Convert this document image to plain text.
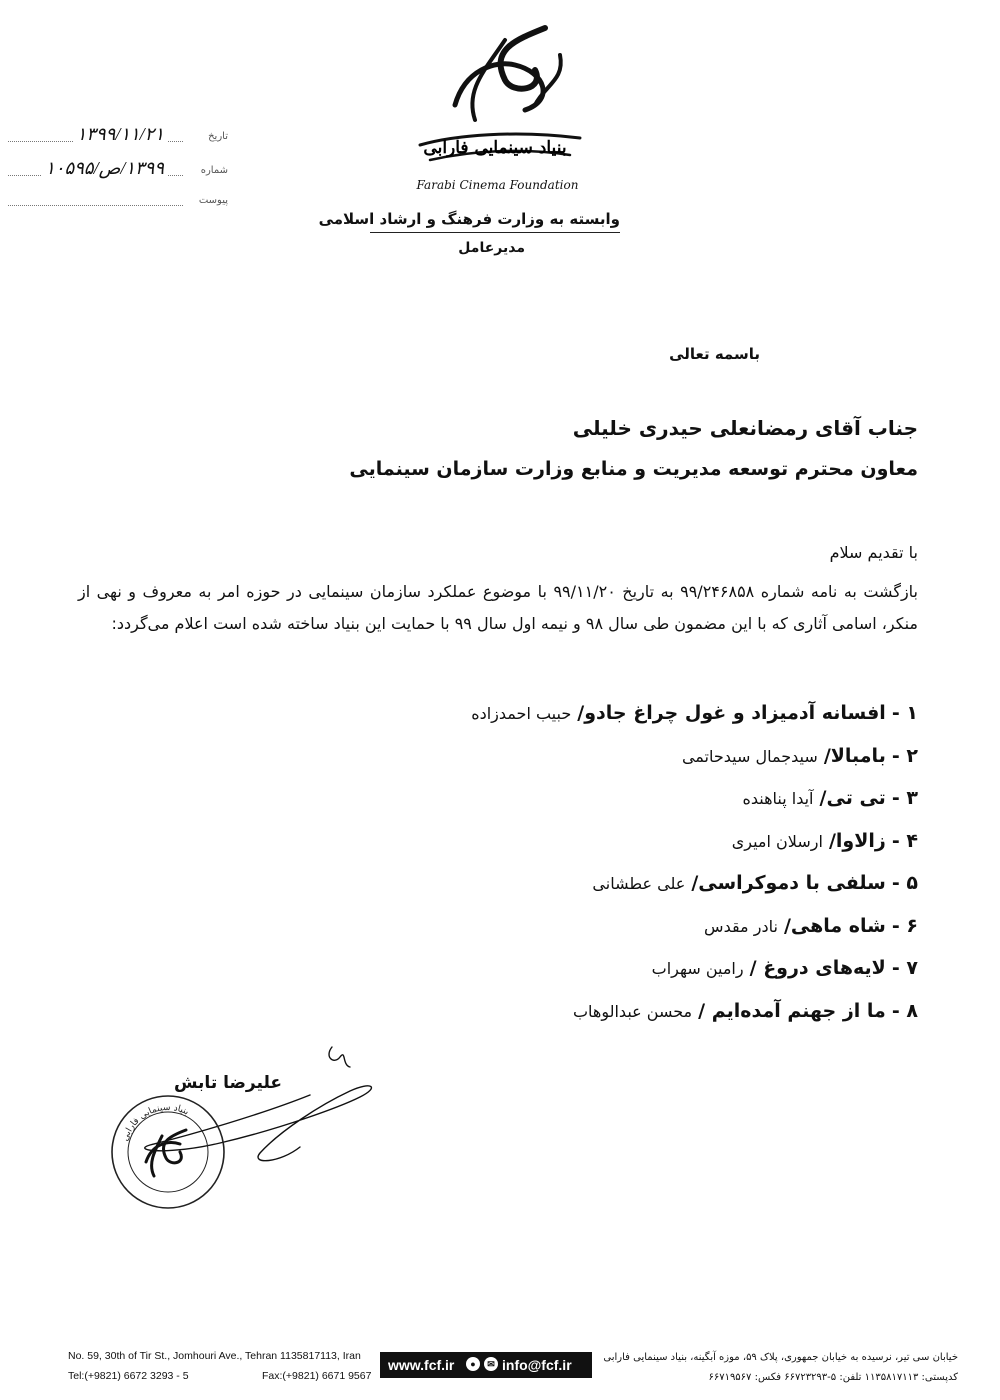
بنیاد سینمایی فارابی
Farabi Cinema Foundation
وابسته به وزارت فرهنگ و ارشاد اسلامی
مدیرعامل
تاریخ
۱۳۹۹/۱۱/۲۱
شماره
۱۳۹۹/ص/۱۰۵۹۵
پیوست
باسمه تعالی
جناب آقای رمضانعلی حیدری خلیلی
معاون محترم توسعه مدیریت و منابع وزارت سازمان سینمایی
با تقدیم سلام
بازگشت به نامه شماره ۹۹/۲۴۶۸۵۸ به تاریخ ۹۹/۱۱/۲۰ با موضوع عملکرد سازمان سینمایی در حوزه امر به معروف و نهی از منکر، اسامی آثاری که با این مضمون طی سال ۹۸ و نیمه اول سال ۹۹ با حمایت این بنیاد ساخته شده است اعلام می‌گردد:
۱ - افسانه آدمیزاد و غول چراغ جادو/ حبیب احمدزاده
۲ - بامبالا/ سیدجمال سیدحاتمی
۳ - تی تی/ آیدا پناهنده
۴ - زالاوا/ ارسلان امیری
۵ - سلفی با دموکراسی/ علی عطشانی
۶ - شاه ماهی/ نادر مقدس
۷ - لایه‌های دروغ / رامین سهراب
۸ - ما از جهنم آمده‌ایم / محسن عبدالوهاب
علیرضا تابش
بنیاد سینمایی فارابی
No. 59, 30th of Tir St., Jomhouri Ave., Tehran 1135817113, Iran
Tel:(+9821) 6672 3293 - 5	Fax:(+9821) 6671 9567
www.fcf.ir	●	✉ info@fcf.ir	خیابان سی تیر، نرسیده به خیابان جمهوری، پلاک ۵۹، موزه آبگینه، بنیاد سینمایی فارابی
کدپستی: ۱۱۳۵۸۱۷۱۱۳ تلفن: ۵-۶۶۷۲۳۲۹۳ فکس: ۶۶۷۱۹۵۶۷
